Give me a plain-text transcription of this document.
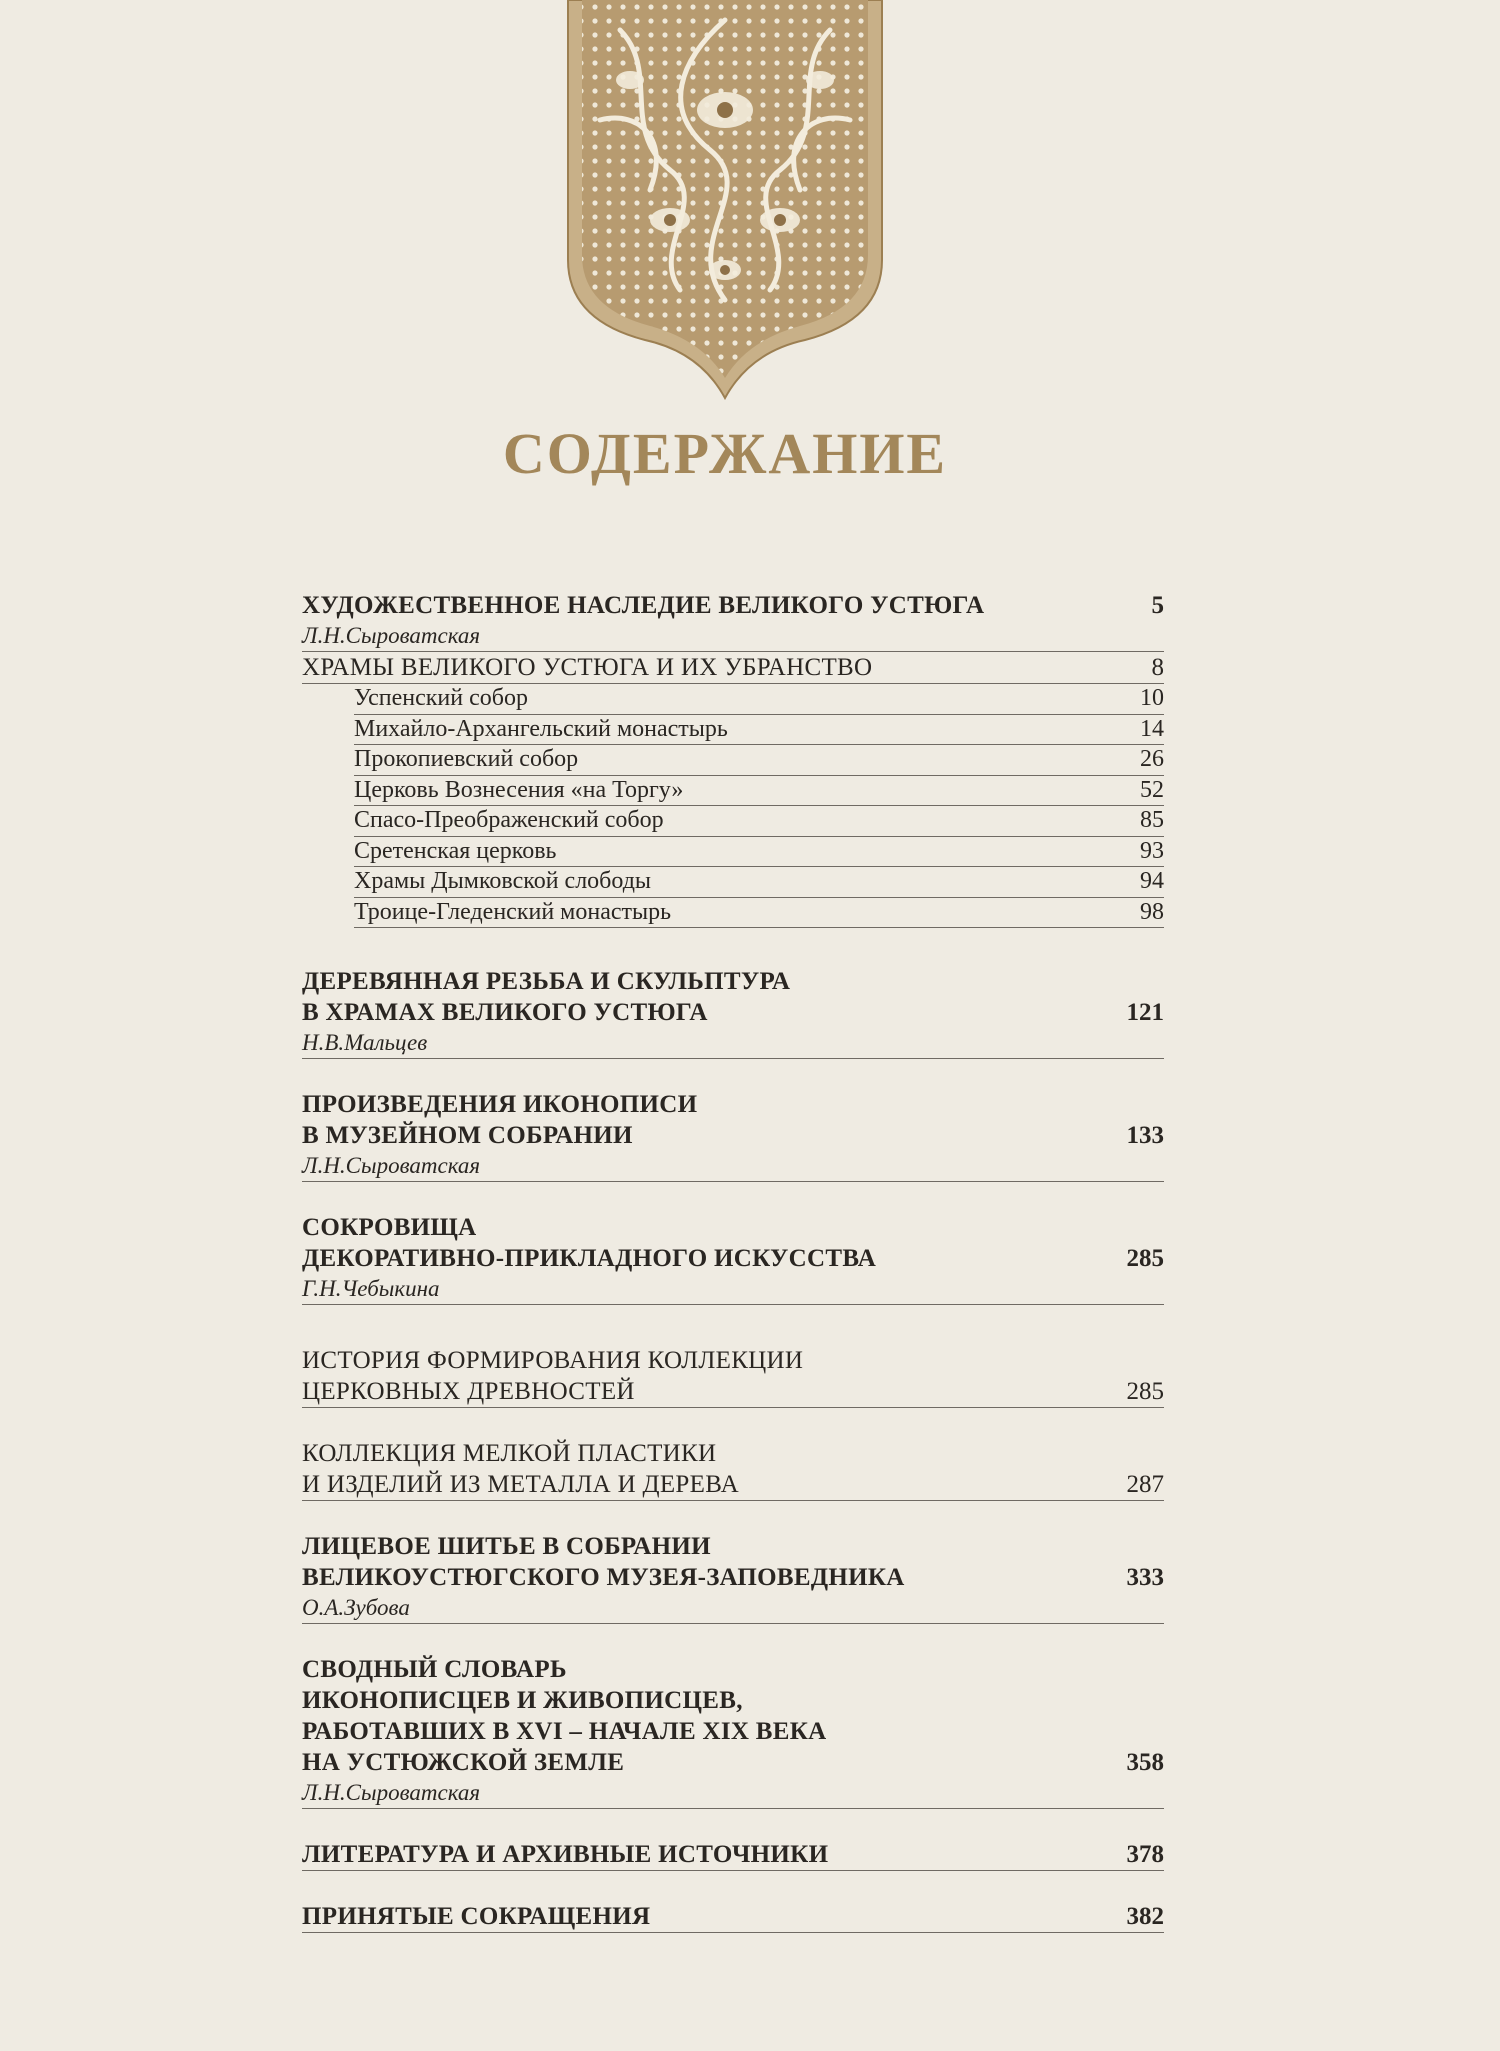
СОДЕРЖАНИЕ
ХУДОЖЕСТВЕННОЕ НАСЛЕДИЕ ВЕЛИКОГО УСТЮГА	5
Л.Н.Сыроватская
ХРАМЫ ВЕЛИКОГО УСТЮГА И ИХ УБРАНСТВО	8
Успенский собор	10
Михайло-Архангельский монастырь	14
Прокопиевский собор	26
Церковь Вознесения «на Торгу»	52
Спасо-Преображенский собор	85
Сретенская церковь	93
Храмы Дымковской слободы	94
Троице-Гледенский монастырь	98
ДЕРЕВЯННАЯ РЕЗЬБА И СКУЛЬПТУРА
В ХРАМАХ ВЕЛИКОГО УСТЮГА	121
Н.В.Мальцев
ПРОИЗВЕДЕНИЯ ИКОНОПИСИ
В МУЗЕЙНОМ СОБРАНИИ	133
Л.Н.Сыроватская
СОКРОВИЩА
ДЕКОРАТИВНО-ПРИКЛАДНОГО ИСКУССТВА	285
Г.Н.Чебыкина
ИСТОРИЯ ФОРМИРОВАНИЯ КОЛЛЕКЦИИ
ЦЕРКОВНЫХ ДРЕВНОСТЕЙ	285
КОЛЛЕКЦИЯ МЕЛКОЙ ПЛАСТИКИ
И ИЗДЕЛИЙ ИЗ МЕТАЛЛА И ДЕРЕВА	287
ЛИЦЕВОЕ ШИТЬЕ В СОБРАНИИ
ВЕЛИКОУСТЮГСКОГО МУЗЕЯ-ЗАПОВЕДНИКА	333
О.А.Зубова
СВОДНЫЙ СЛОВАРЬ
ИКОНОПИСЦЕВ И ЖИВОПИСЦЕВ,
РАБОТАВШИХ В XVI – НАЧАЛЕ XIX ВЕКА
НА УСТЮЖСКОЙ ЗЕМЛЕ	358
Л.Н.Сыроватская
ЛИТЕРАТУРА И АРХИВНЫЕ ИСТОЧНИКИ	378
ПРИНЯТЫЕ СОКРАЩЕНИЯ	382
